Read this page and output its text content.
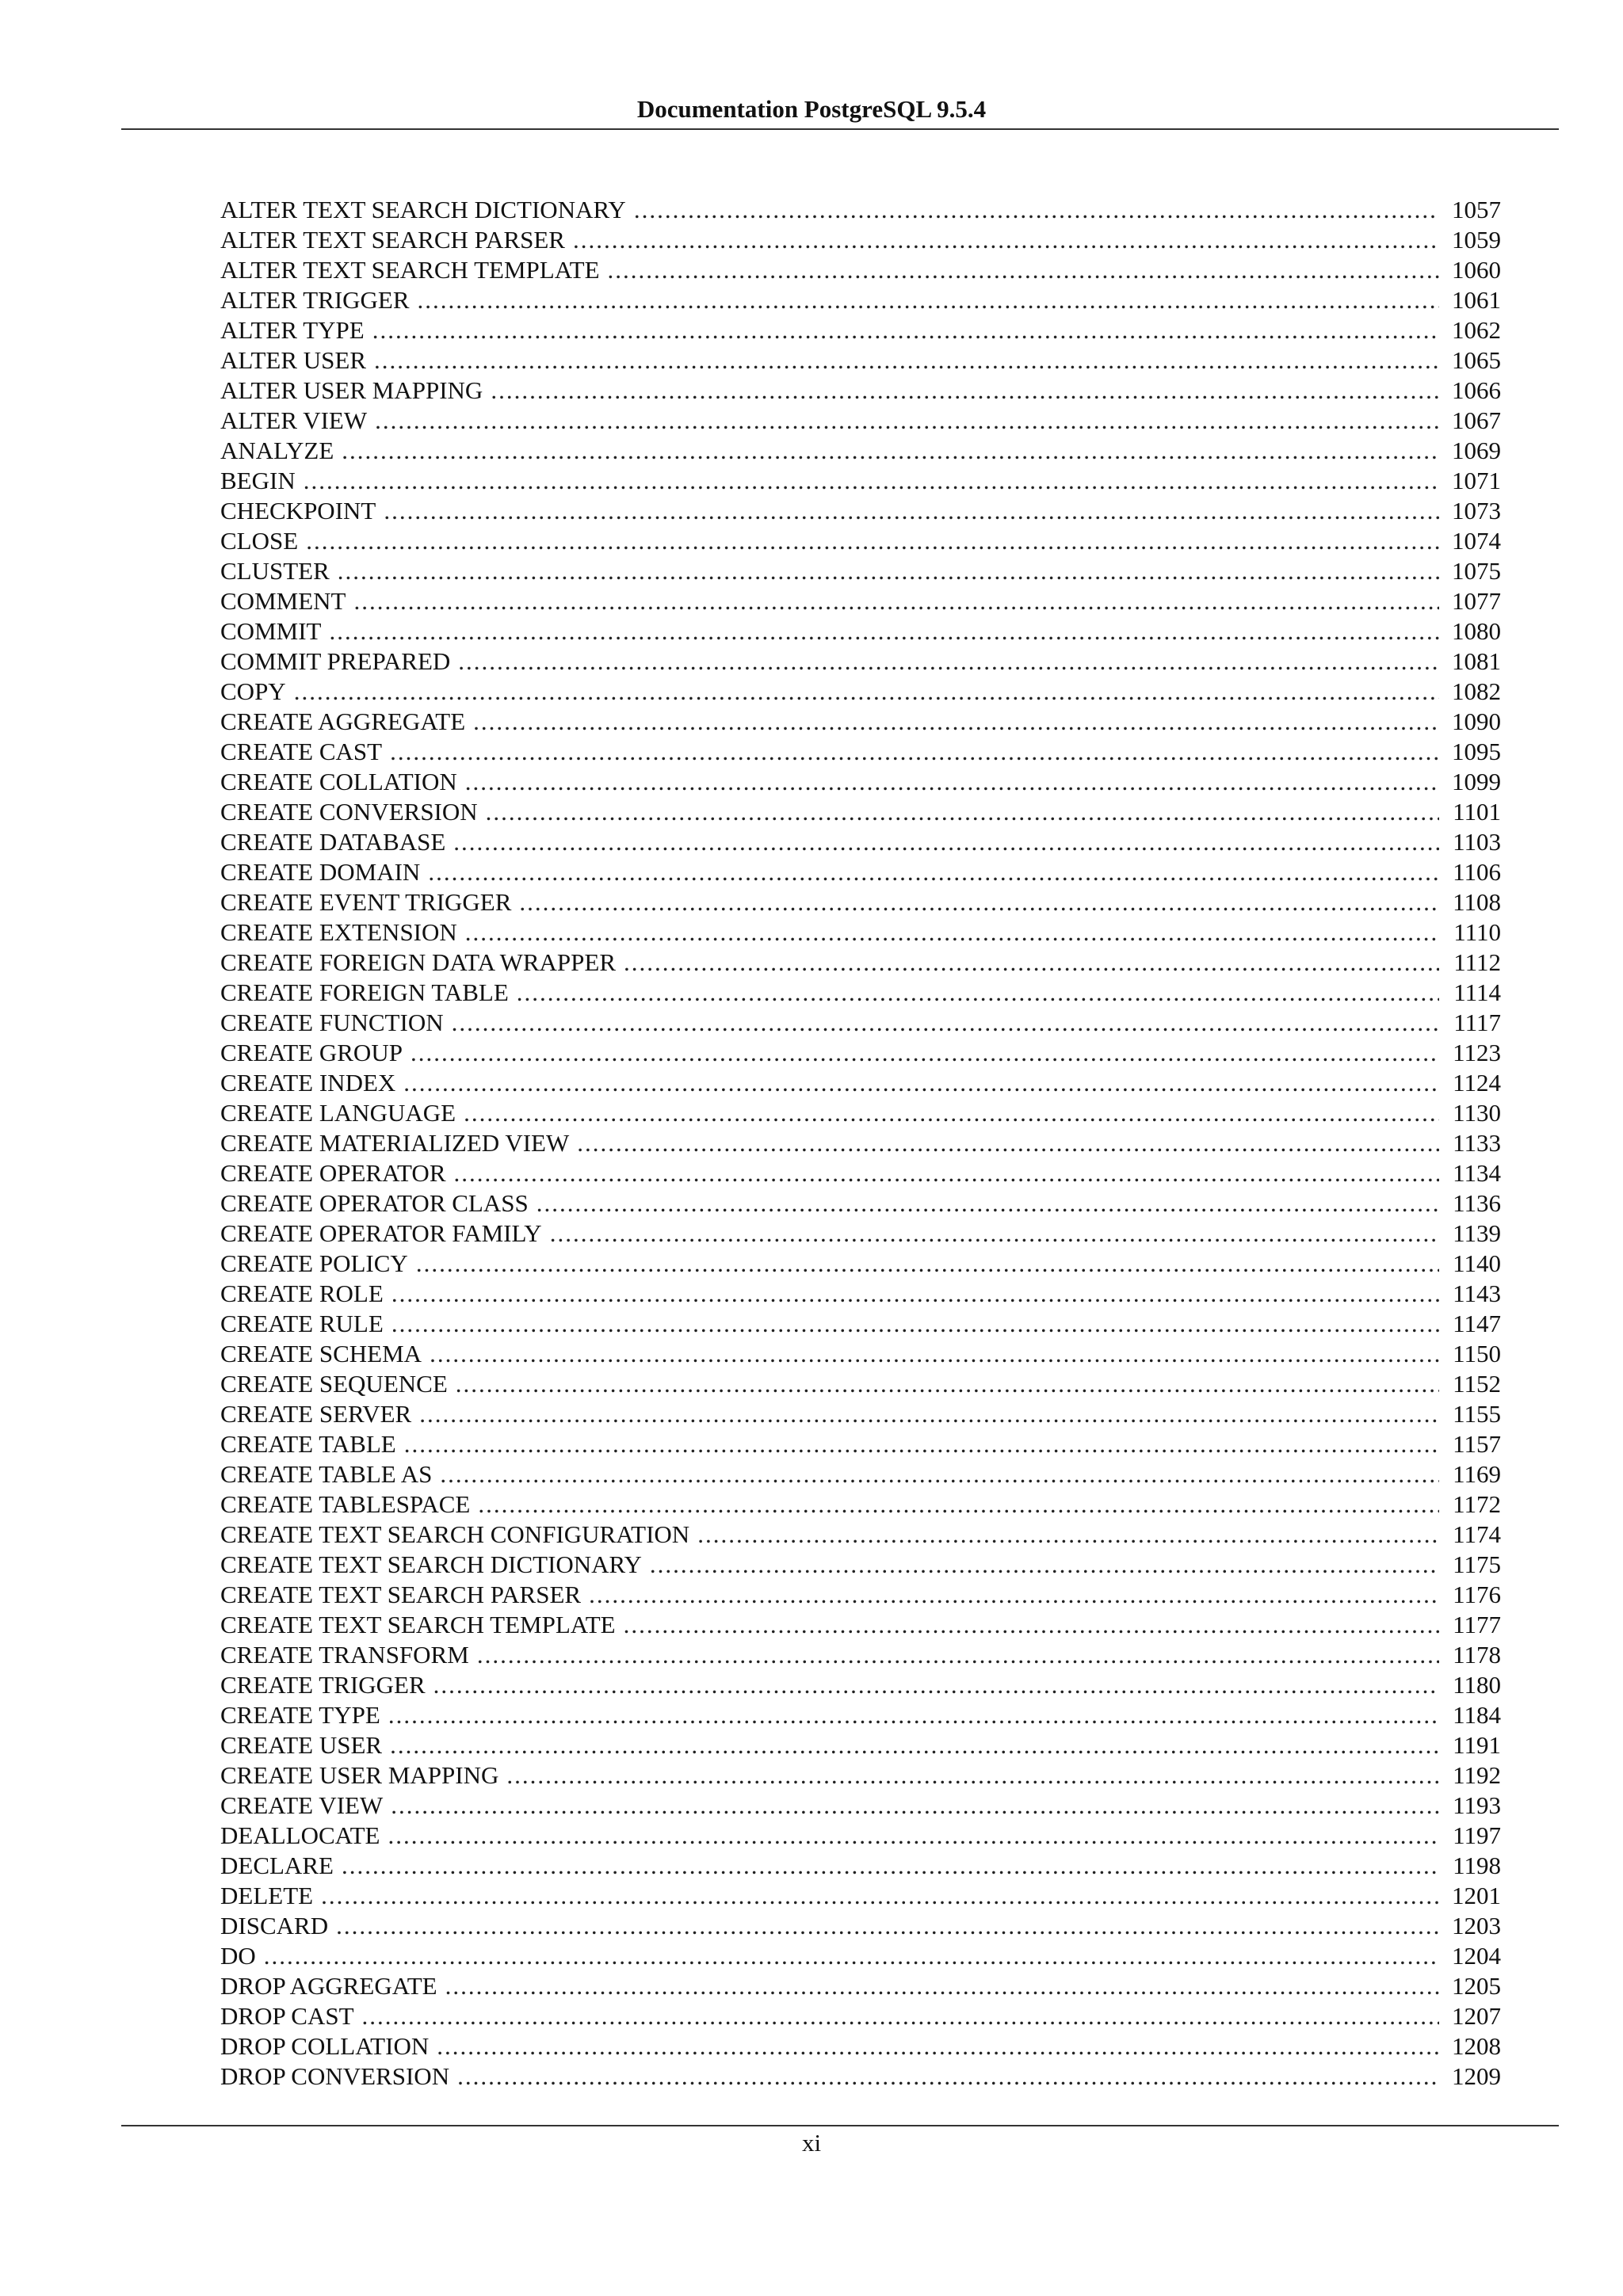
Documentation PostgreSQL 9.5.4
ALTER TEXT SEARCH DICTIONARY .....	1057
ALTER TEXT SEARCH PARSER .....	1059
ALTER TEXT SEARCH TEMPLATE .....	1060
ALTER TRIGGER .....	1061
ALTER TYPE .....	1062
ALTER USER .....	1065
ALTER USER MAPPING .....	1066
ALTER VIEW .....	1067
ANALYZE .....	1069
BEGIN .....	1071
CHECKPOINT .....	1073
CLOSE .....	1074
CLUSTER .....	1075
COMMENT .....	1077
COMMIT .....	1080
COMMIT PREPARED .....	1081
COPY .....	1082
CREATE AGGREGATE .....	1090
CREATE CAST .....	1095
CREATE COLLATION .....	1099
CREATE CONVERSION .....	1101
CREATE DATABASE .....	1103
CREATE DOMAIN .....	1106
CREATE EVENT TRIGGER .....	1108
CREATE EXTENSION .....	1110
CREATE FOREIGN DATA WRAPPER .....	1112
CREATE FOREIGN TABLE .....	1114
CREATE FUNCTION .....	1117
CREATE GROUP .....	1123
CREATE INDEX .....	1124
CREATE LANGUAGE .....	1130
CREATE MATERIALIZED VIEW .....	1133
CREATE OPERATOR .....	1134
CREATE OPERATOR CLASS .....	1136
CREATE OPERATOR FAMILY .....	1139
CREATE POLICY .....	1140
CREATE ROLE .....	1143
CREATE RULE .....	1147
CREATE SCHEMA .....	1150
CREATE SEQUENCE .....	1152
CREATE SERVER .....	1155
CREATE TABLE .....	1157
CREATE TABLE AS .....	1169
CREATE TABLESPACE .....	1172
CREATE TEXT SEARCH CONFIGURATION .....	1174
CREATE TEXT SEARCH DICTIONARY .....	1175
CREATE TEXT SEARCH PARSER .....	1176
CREATE TEXT SEARCH TEMPLATE .....	1177
CREATE TRANSFORM .....	1178
CREATE TRIGGER .....	1180
CREATE TYPE .....	1184
CREATE USER .....	1191
CREATE USER MAPPING .....	1192
CREATE VIEW .....	1193
DEALLOCATE .....	1197
DECLARE .....	1198
DELETE .....	1201
DISCARD .....	1203
DO .....	1204
DROP AGGREGATE .....	1205
DROP CAST .....	1207
DROP COLLATION .....	1208
DROP CONVERSION .....	1209

xi
